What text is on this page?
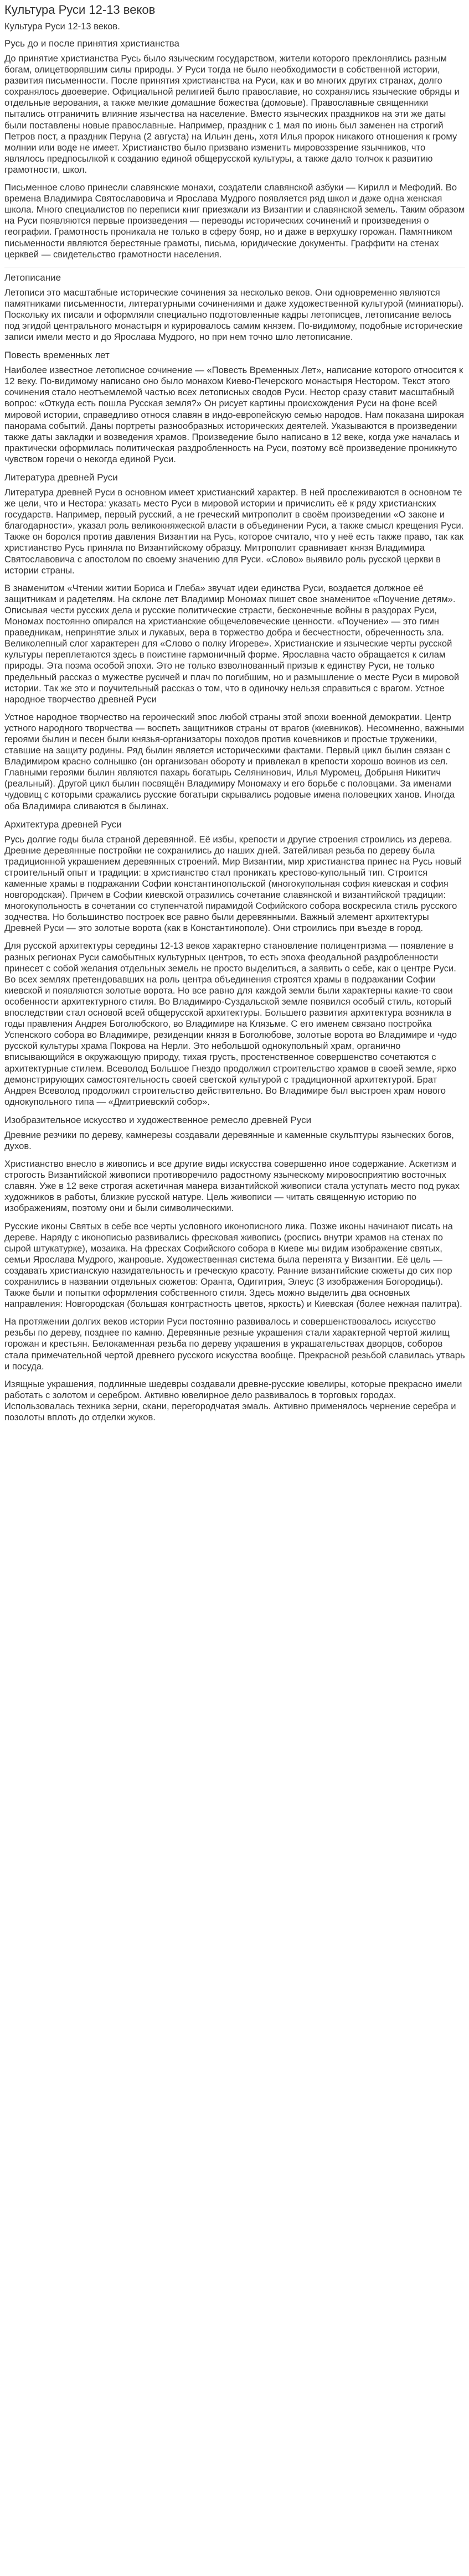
Культура Руси 12-13 веков

Культура Руси 12-13 веков.

Русь до и после принятия христианства

До принятие христианства Русь было языческим государством, жители которого преклонялись разным богам, олицетворявшим силы природы. У Руси тогда не было необходимости в собственной истории, развития письменности. После принятия христианства на Руси, как и во многих других странах, долго сохранялось двоеверие. Официальной религией было православие, но сохранялись языческие обряды и отдельные верования, а также мелкие домашние божества (домовые). Православные священники пытались отграничить влияние язычества на население. Вместо языческих праздников на эти же даты были поставлены новые православные. Например, праздник с 1 мая по июнь был заменен на строгий Петров пост, а праздник Перуна (2 августа) на Ильин день, хотя Илья пророк никакого отношения к грому молнии или воде не имеет. Христианство было призвано изменить мировоззрение язычников, что являлось предпосылкой к созданию единой общерусской культуры, а также дало толчок к развитию грамотности, школ.

Письменное слово принесли славянские монахи, создатели славянской азбуки — Кирилл и Мефодий. Во времена Владимира Святославовича и Ярослава Мудрого появляется ряд школ и даже одна женская школа. Много специалистов по переписи книг приезжали из Византии и славянской земель. Таким образом на Руси появляются первые произведения — переводы исторических сочинений и произведения о географии. Грамотность проникала не только в сферу бояр, но и даже в верхушку горожан. Памятником письменности являются берестяные грамоты, письма, юридические документы. Граффити на стенах церквей — свидетельство грамотности населения.

Летописание

Летописи это масштабные исторические сочинения за несколько веков. Они одновременно являются памятниками письменности, литературными сочинениями и даже художественной культурой (миниатюры). Поскольку их писали и оформляли специально подготовленные кадры летописцев, летописание велось под эгидой центрального монастыря и курировалось самим князем. По-видимому, подобные исторические записи имели место и до Ярослава Мудрого, но при нем точно шло летописание.

Повесть временных лет

Наиболее известное летописное сочинение — «Повесть Временных Лет», написание которого относится к 12 веку. По-видимому написано оно было монахом Киево-Печерского монастыря Нестором. Текст этого сочинения стало неотъемлемой частью всех летописных сводов Руси. Нестор сразу ставит масштабный вопрос: «Откуда есть пошла Русская земля?» Он рисует картины происхождения Руси на фоне всей мировой истории, справедливо относя славян в индо-европейскую семью народов. Нам показана широкая панорама событий. Даны портреты разнообразных исторических деятелей. Указываются в произведении также даты закладки и возведения храмов. Произведение было написано в 12 веке, когда уже началась и практически оформилась политическая раздробленность на Руси, поэтому всё произведение проникнуто чувством горечи о некогда единой Руси.

Литература древней Руси

Литература древней Руси в основном имеет христианский характер. В ней прослеживаются в основном те же цели, что и Нестора: указать место Руси в мировой истории и причислить её к ряду христианских государств. Например, первый русский, а не греческий митрополит в своём произведении «О законе и благодарности», указал роль великокняжеской власти в объединении Руси, а также смысл крещения Руси. Также он боролся против давления Византии на Русь, которое считало, что у неё есть также право, так как христианство Русь приняла по Византийскому образцу. Митрополит сравнивает князя Владимира Святославовича с апостолом по своему значению для Руси. «Слово» выявило роль русской церкви в истории страны.

В знаменитом «Чтении житии Бориса и Глеба» звучат идеи единства Руси, воздается должное её защитникам и радетелям. На склоне лет Владимир Мономах пишет свое знаменитое «Поучение детям». Описывая чести русских дела и русские политические страсти, бесконечные войны в раздорах Руси, Мономах постоянно опирался на христианские общечеловеческие ценности. «Поучение» — это гимн праведникам, непринятие злых и лукавых, вера в торжество добра и бесчестности, обреченность зла. Великолепный слог характерен для «Слово о полку Игореве». Христианские и языческие черты русской культуры переплетаются здесь в поистине гармоничный форме. Ярославна часто обращается к силам природы. Эта поэма особой эпохи. Это не только взволнованный призыв к единству Руси, не только предельный рассказ о мужестве русичей и плач по погибшим, но и размышление о месте Руси в мировой истории. Так же это и поучительный рассказ о том, что в одиночку нельзя справиться с врагом. Устное народное творчество древней Руси

Устное народное творчество на героический эпос любой страны этой эпохи военной демократии. Центр устного народного творчества — воспеть защитников страны от врагов (киевников). Несомненно, важными героями былин и песен были князья-организаторы походов против кочевников и простые труженики, ставшие на защиту родины. Ряд былин является историческими фактами. Первый цикл былин связан с Владимиром красно солнышко (он организован обороту и привлекал в крепости хорошо воинов из сел. Главными героями былин являются пахарь богатырь Селянинович, Илья Муромец, Добрыня Никитич (реальный). Другой цикл былин посвящён Владимиру Мономаху и его борьбе с половцами. За именами чудовищ с которыми сражались русские богатыри скрывались родовые имена половецких ханов. Иногда оба Владимира сливаются в былинах.

Архитектура древней Руси

Русь долгие годы была страной деревянной. Её избы, крепости и другие строения строились из дерева. Древние деревянные постройки не сохранились до наших дней. Затейливая резьба по дереву была традиционной украшением деревянных строений. Мир Византии, мир христианства принес на Русь новый строительный опыт и традиции: в христианство стал проникать крестово-купольный тип. Строится каменные храмы в подражании Софии константинопольской (многокупольная софия киевская и софия новгородская). Причем в Софии киевской отразились сочетание славянской и византийской традиции: многокупольность в сочетании со ступенчатой пирамидой Софийского собора воскресила стиль русского зодчества. Но большинство построек все равно были деревянными. Важный элемент архитектуры Древней Руси — это золотые ворота (как в Константинополе). Они строились при въезде в город.

Для русской архитектуры середины 12-13 веков характерно становление полицентризма — появление в разных регионах Руси самобытных культурных центров, то есть эпоха феодальной раздробленности принесет с собой желания отдельных земель не просто выделиться, а заявить о себе, как о центре Руси. Во всех землях претендовавших на роль центра объединения строятся храмы в подражании Софии киевской и появляются золотые ворота. Но все равно для каждой земли были характерны какие-то свои особенности архитектурного стиля. Во Владимиро-Суздальской земле появился особый стиль, который впоследствии стал основой всей общерусской архитектуры. Большего развития архитектура возникла в годы правления Андрея Боголюбского, во Владимире на Клязьме. С его именем связано постройка Успенского собора во Владимире, резиденции князя в Боголюбове, золотые ворота во Владимире и чудо русской культуры храма Покрова на Нерли. Это небольшой однокупольный храм, органично вписывающийся в окружающую природу, тихая грусть, простенственное совершенство сочетаются с архитектурные стилем. Всеволод Большое Гнездо продолжил строительство храмов в своей земле, ярко демонстрирующих самостоятельность своей светской культурой с традиционной архитектурой. Брат Андрея Всеволод продолжил строительство действительно. Во Владимире был выстроен храм нового однокупольного типа — «Дмитриевский собор».

Изобразительное искусство и художественное ремесло древней Руси

Древние резчики по дереву, камнерезы создавали деревянные и каменные скульптуры языческих богов, духов.

Христианство внесло в живопись и все другие виды искусства совершенно иное содержание. Аскетизм и строгость Византийской живописи противоречило радостному языческому мировосприятию восточных славян. Уже в 12 веке строгая аскетичная манера византийской живописи стала уступать место под руках художников в работы, близкие русской натуре. Цель живописи — читать священную историю по изображениям, поэтому они и были символическими.

Русские иконы Святых в себе все черты условного иконописного лика. Позже иконы начинают писать на дереве. Наряду с иконописью развивались фресковая живопись (роспись внутри храмов на стенах по сырой штукатурке), мозаика. На фресках Софийского собора в Киеве мы видим изображение святых, семьи Ярослава Мудрого, жанровые. Художественная система была перенята у Византии. Её цель — создавать христианскую назидательность и греческую красоту. Ранние византийские сюжеты до сих пор сохранились в названии отдельных сюжетов: Оранта, Одигитрия, Элеус (3 изображения Богородицы). Также были и попытки оформления собственного стиля. Здесь можно выделить два основных направления: Новгородская (большая контрастность цветов, яркость) и Киевская (более нежная палитра).

На протяжении долгих веков истории Руси постоянно развивалось и совершенствовалось искусство резьбы по дереву, позднее по камню. Деревянные резные украшения стали характерной чертой жилищ горожан и крестьян. Белокаменная резьба по дереву украшения в украшательствах дворцов, соборов стала примечательной чертой древнего русского искусства вообще. Прекрасной резьбой славилась утварь и посуда.

Изящные украшения, подлинные шедевры создавали древне-русские ювелиры, которые прекрасно имели работать с золотом и серебром. Активно ювелирное дело развивалось в торговых городах. Использовалась техника зерни, скани, перегородчатая эмаль. Активно применялось чернение серебра и позолоты вплоть до отделки жуков.
